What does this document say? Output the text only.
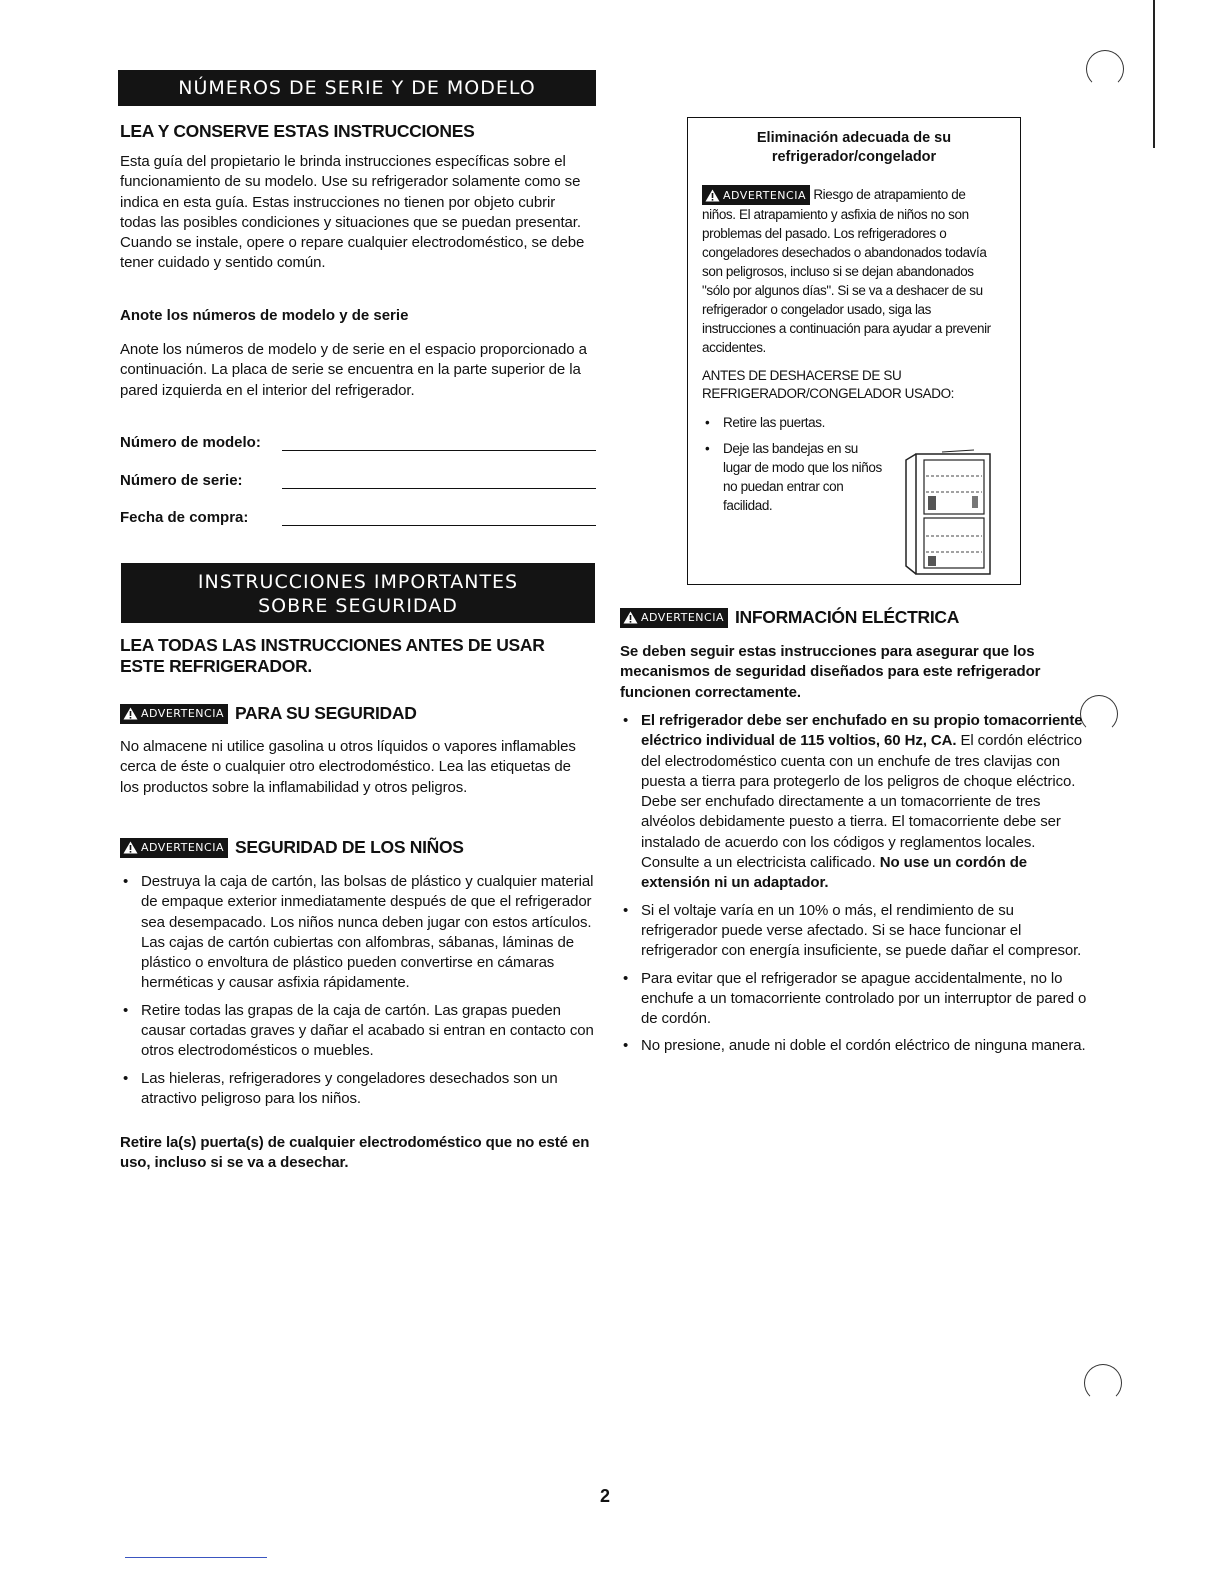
NÚMEROS DE SERIE Y DE MODELO
LEA Y CONSERVE ESTAS INSTRUCCIONES
Esta guía del propietario le brinda instrucciones específicas sobre el funcionamiento de su modelo. Use su refrigerador solamente como se indica en esta guía. Estas instrucciones no tienen por objeto cubrir todas las posibles condiciones y situaciones que se puedan presentar. Cuando se instale, opere o repare cualquier electrodoméstico, se debe tener cuidado y sentido común.
Anote los números de modelo y de serie
Anote los números de modelo y de serie en el espacio proporcionado a continuación. La placa de serie se encuentra en la parte superior de la pared izquierda en el interior del refrigerador.
Número de modelo:
Número de serie:
Fecha de compra:
INSTRUCCIONES IMPORTANTES
SOBRE SEGURIDAD
LEA TODAS LAS INSTRUCCIONES ANTES DE USAR ESTE REFRIGERADOR.
ADVERTENCIA PARA SU SEGURIDAD
No almacene ni utilice gasolina u otros líquidos o vapores inflamables cerca de éste o cualquier otro electrodoméstico. Lea las etiquetas de los productos sobre la inflamabilidad y otros peligros.
ADVERTENCIA SEGURIDAD DE LOS NIÑOS
• Destruya la caja de cartón, las bolsas de plástico y cualquier material de empaque exterior inmediatamente después de que el refrigerador sea desempacado. Los niños nunca deben jugar con estos artículos. Las cajas de cartón cubiertas con alfombras, sábanas, láminas de plástico o envoltura de plástico pueden convertirse en cámaras herméticas y causar asfixia rápidamente.
• Retire todas las grapas de la caja de cartón. Las grapas pueden causar cortadas graves y dañar el acabado si entran en contacto con otros electrodomésticos o muebles.
• Las hieleras, refrigeradores y congeladores desechados son un atractivo peligroso para los niños.
Retire la(s) puerta(s) de cualquier electrodoméstico que no esté en uso, incluso si se va a desechar.
Eliminación adecuada de su
refrigerador/congelador
ADVERTENCIA Riesgo de atrapamiento de niños. El atrapamiento y asfixia de niños no son problemas del pasado. Los refrigeradores o congeladores desechados o abandonados todavía son peligrosos, incluso si se dejan abandonados "sólo por algunos días". Si se va a deshacer de su refrigerador o congelador usado, siga las instrucciones a continuación para ayudar a prevenir accidentes.
ANTES DE DESHACERSE DE SU REFRIGERADOR/CONGELADOR USADO:
• Retire las puertas.
• Deje las bandejas en su lugar de modo que los niños no puedan entrar con facilidad.
ADVERTENCIA INFORMACIÓN ELÉCTRICA
Se deben seguir estas instrucciones para asegurar que los mecanismos de seguridad diseñados para este refrigerador funcionen correctamente.
• El refrigerador debe ser enchufado en su propio tomacorriente eléctrico individual de 115 voltios, 60 Hz, CA. El cordón eléctrico del electrodoméstico cuenta con un enchufe de tres clavijas con puesta a tierra para protegerlo de los peligros de choque eléctrico. Debe ser enchufado directamente a un tomacorriente de tres alvéolos debidamente puesto a tierra. El tomacorriente debe ser instalado de acuerdo con los códigos y reglamentos locales. Consulte a un electricista calificado. No use un cordón de extensión ni un adaptador.
• Si el voltaje varía en un 10% o más, el rendimiento de su refrigerador puede verse afectado. Si se hace funcionar el refrigerador con energía insuficiente, se puede dañar el compresor.
• Para evitar que el refrigerador se apague accidentalmente, no lo enchufe a un tomacorriente controlado por un interruptor de pared o de cordón.
• No presione, anude ni doble el cordón eléctrico de ninguna manera.
2
